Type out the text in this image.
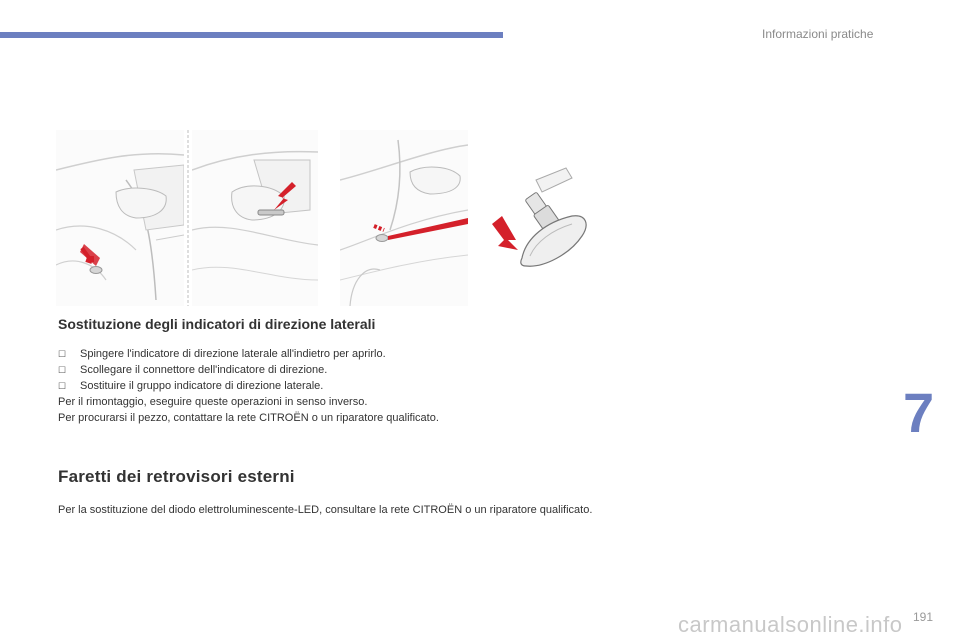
Informazioni pratiche
Sostituzione degli indicatori di direzione laterali
☐	Spingere l'indicatore di direzione laterale all'indietro per aprirlo.
☐	Scollegare il connettore dell'indicatore di direzione.
☐	Sostituire il gruppo indicatore di direzione laterale.

Per il rimontaggio, eseguire queste operazioni in senso inverso.

Per procurarsi il pezzo, contattare la rete CITROËN o un riparatore qualificato.

Faretti dei retrovisori esterni

Per la sostituzione del diodo elettroluminescente-LED, consultare la rete CITROËN o un riparatore qualificato.

7
carmanualsonline.info 191
